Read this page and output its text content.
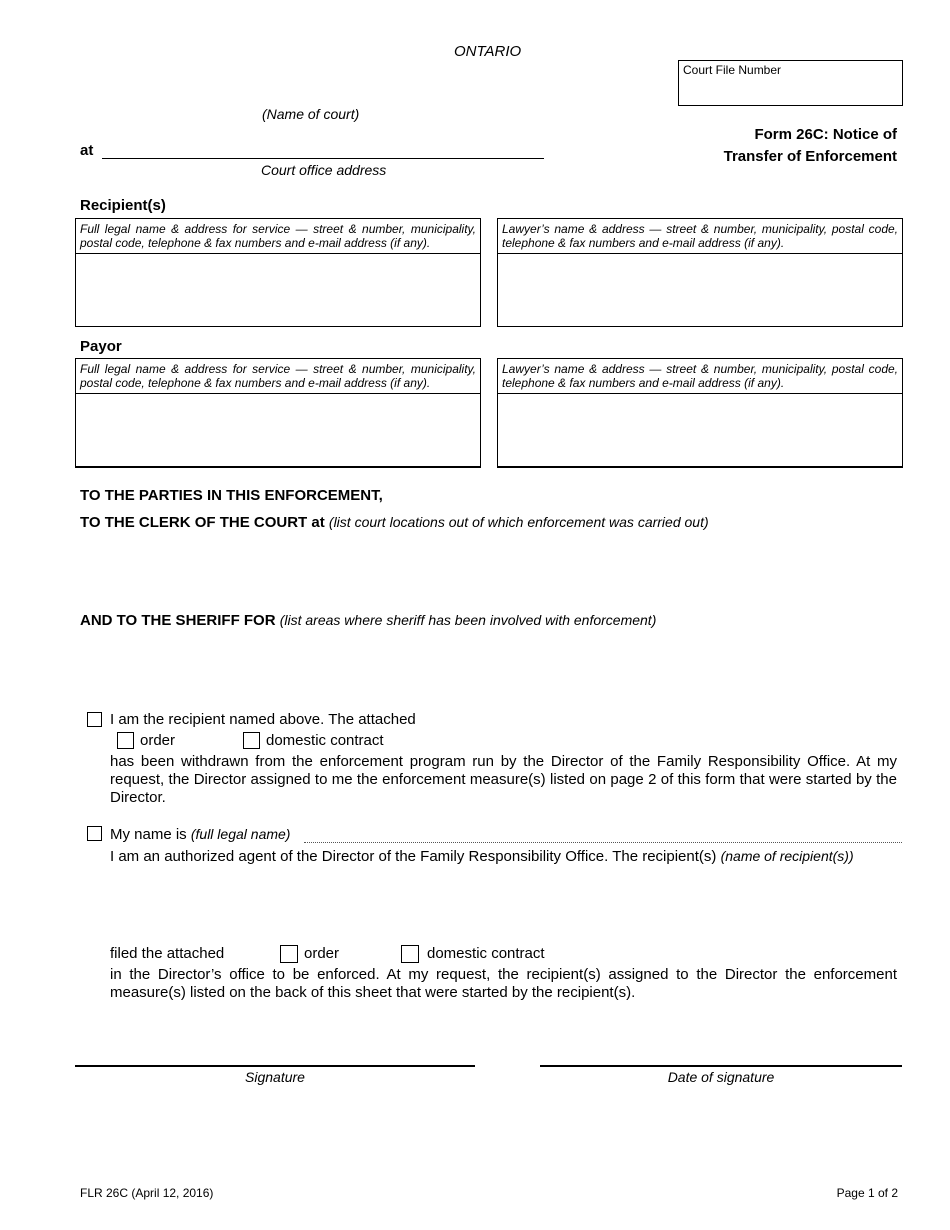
ONTARIO
Court File Number
(Name of court)
at
Court office address
Form 26C: Notice of
Transfer of Enforcement
Recipient(s)
Full legal name & address for service — street & number, municipality, postal code, telephone & fax numbers and e-mail address (if any).
Lawyer’s name & address — street & number, municipality, postal code, telephone & fax numbers and e-mail address (if any).
Payor
Full legal name & address for service — street & number, municipality, postal code, telephone & fax numbers and e-mail address (if any).
Lawyer’s name & address — street & number, municipality, postal code, telephone & fax numbers and e-mail address (if any).
TO THE PARTIES IN THIS ENFORCEMENT,
TO THE CLERK OF THE COURT at (list court locations out of which enforcement was carried out)
AND TO THE SHERIFF FOR (list areas where sheriff has been involved with enforcement)
I am the recipient named above. The attached
order	domestic contract
has been withdrawn from the enforcement program run by the Director of the Family Responsibility Office. At my request, the Director assigned to me the enforcement measure(s) listed on page 2 of this form that were started by the Director.
My name is (full legal name)
I am an authorized agent of the Director of the Family Responsibility Office. The recipient(s) (name of recipient(s))
filed the attached	order	domestic contract
in the Director’s office to be enforced. At my request, the recipient(s) assigned to the Director the enforcement measure(s) listed on the back of this sheet that were started by the recipient(s).
Signature	Date of signature
FLR 26C (April 12, 2016)	Page 1 of 2
